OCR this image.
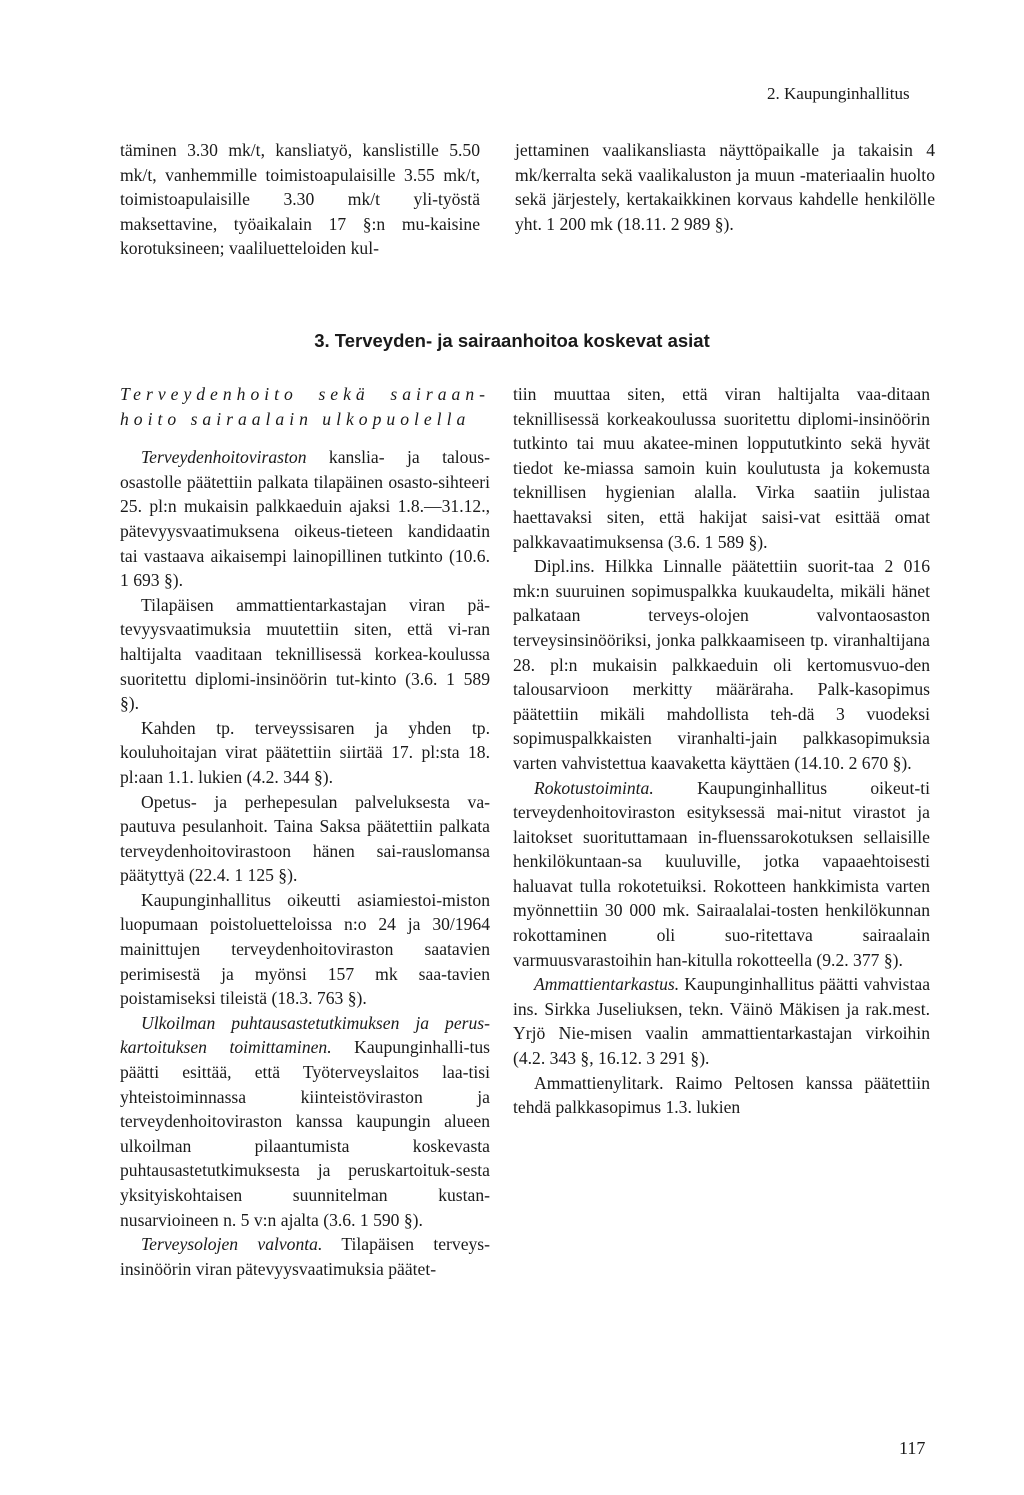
2. Kaupunginhallitus

täminen 3.30 mk/t, kansliatyö, kanslistille 5.50 mk/t, vanhemmille toimistoapulaisille 3.55 mk/t, toimistoapulaisille 3.30 mk/t yli-työstä maksettavine, työaikalain 17 §:n mu-kaisine korotuksineen; vaaliluetteloiden kul-

jettaminen vaalikansliasta näyttöpaikalle ja takaisin 4 mk/kerralta sekä vaalikaluston ja muun -materiaalin huolto sekä järjestely, kertakaikkinen korvaus kahdelle henkilölle yht. 1 200 mk (18.11. 2 989 §).

3. Terveyden- ja sairaanhoitoa koskevat asiat

Terveydenhoito sekä sairaan-hoito sairaalain ulkopuolella

Terveydenhoitoviraston kanslia- ja talous-osastolle päätettiin palkata tilapäinen osasto-sihteeri 25. pl:n mukaisin palkkaeduin ajaksi 1.8.—31.12., pätevyysvaatimuksena oikeus-tieteen kandidaatin tai vastaava aikaisempi lainopillinen tutkinto (10.6. 1 693 §).

Tilapäisen ammattientarkastajan viran pä-tevyysvaatimuksia muutettiin siten, että vi-ran haltijalta vaaditaan teknillisessä korkea-koulussa suoritettu diplomi-insinöörin tut-kinto (3.6. 1 589 §).

Kahden tp. terveyssisaren ja yhden tp. kouluhoitajan virat päätettiin siirtää 17. pl:sta 18. pl:aan 1.1. lukien (4.2. 344 §).

Opetus- ja perhepesulan palveluksesta va-pautuva pesulanhoit. Taina Saksa päätettiin palkata terveydenhoitovirastoon hänen sai-rauslomansa päätyttyä (22.4. 1 125 §).

Kaupunginhallitus oikeutti asiamiestoi-miston luopumaan poistoluetteloissa n:o 24 ja 30/1964 mainittujen terveydenhoitoviraston saatavien perimisestä ja myönsi 157 mk saa-tavien poistamiseksi tileistä (18.3. 763 §).

Ulkoilman puhtausastetutkimuksen ja perus-kartoituksen toimittaminen. Kaupunginhalli-tus päätti esittää, että Työterveyslaitos laa-tisi yhteistoiminnassa kiinteistöviraston ja terveydenhoitoviraston kanssa kaupungin alueen ulkoilman pilaantumista koskevasta puhtausastetutkimuksesta ja peruskartoituk-sesta yksityiskohtaisen suunnitelman kustan-nusarvioineen n. 5 v:n ajalta (3.6. 1 590 §).

Terveysolojen valvonta. Tilapäisen terveys-insinöörin viran pätevyysvaatimuksia päätet-

tiin muuttaa siten, että viran haltijalta vaa-ditaan teknillisessä korkeakoulussa suoritettu diplomi-insinöörin tutkinto tai muu akatee-minen loppututkinto sekä hyvät tiedot ke-miassa samoin kuin koulutusta ja kokemusta teknillisen hygienian alalla. Virka saatiin julistaa haettavaksi siten, että hakijat saisi-vat esittää omat palkkavaatimuksensa (3.6. 1 589 §).

Dipl.ins. Hilkka Linnalle päätettiin suorit-taa 2 016 mk:n suuruinen sopimuspalkka kuukaudelta, mikäli hänet palkataan terveys-olojen valvontaosaston terveysinsinööriksi, jonka palkkaamiseen tp. viranhaltijana 28. pl:n mukaisin palkkaeduin oli kertomusvuo-den talousarvioon merkitty määräraha. Palk-kasopimus päätettiin mikäli mahdollista teh-dä 3 vuodeksi sopimuspalkkaisten viranhalti-jain palkkasopimuksia varten vahvistettua kaavaketta käyttäen (14.10. 2 670 §).

Rokotustoiminta. Kaupunginhallitus oikeut-ti terveydenhoitoviraston esityksessä mai-nitut virastot ja laitokset suorituttamaan in-fluenssarokotuksen sellaisille henkilökuntaan-sa kuuluville, jotka vapaaehtoisesti haluavat tulla rokotetuiksi. Rokotteen hankkimista varten myönnettiin 30 000 mk. Sairaalalai-tosten henkilökunnan rokottaminen oli suo-ritettava sairaalain varmuusvarastoihin han-kitulla rokotteella (9.2. 377 §).

Ammattientarkastus. Kaupunginhallitus päätti vahvistaa ins. Sirkka Juseliuksen, tekn. Väinö Mäkisen ja rak.mest. Yrjö Nie-misen vaalin ammattientarkastajan virkoihin (4.2. 343 §, 16.12. 3 291 §).

Ammattienylitark. Raimo Peltosen kanssa päätettiin tehdä palkkasopimus 1.3. lukien

117
